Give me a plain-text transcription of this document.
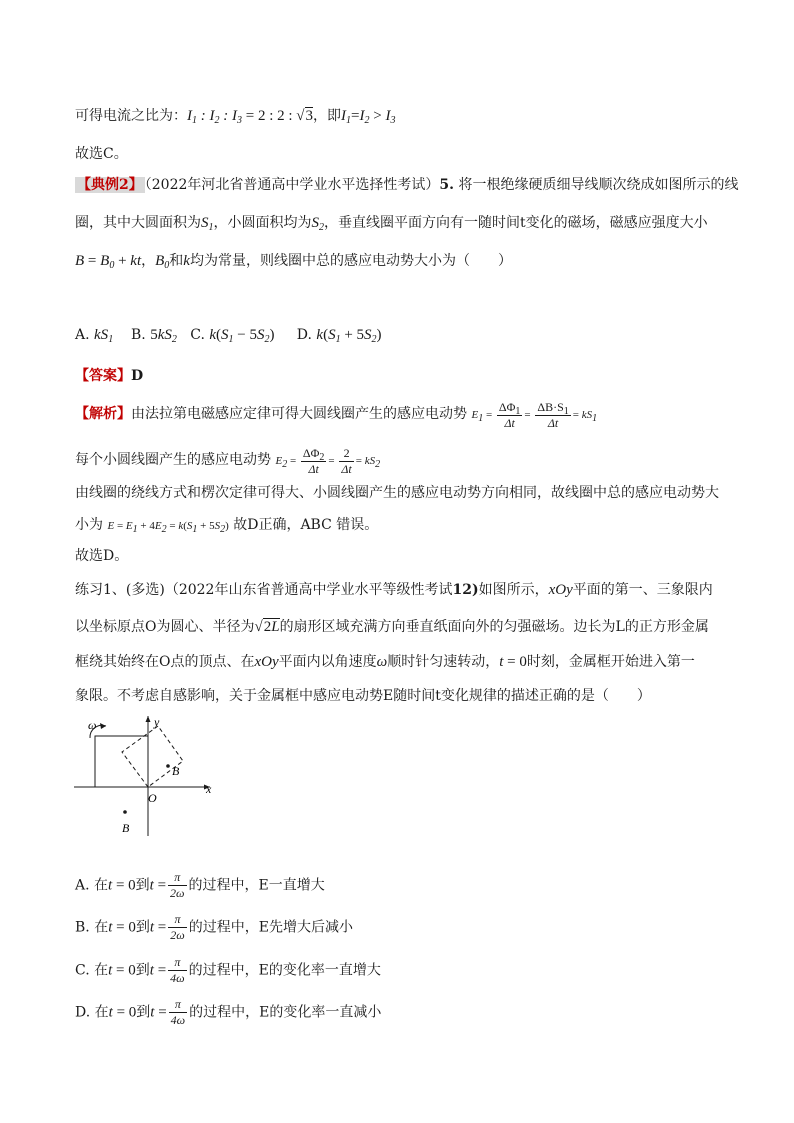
可得电流之比为：$I_1$ : $I_2$ : $I_3 = 2$ : 2 : √3，即$I_1=I_2 > I_3$
故选C。
【典例2】 （2022年河北省普通高中学业水平选择性考试）5. 将一根绝缘硬质细导线顺次绕成如图所示的线
圈，其中大圆面积为$S_1$，小圆面积均为$S_2$，垂直线圈平面方向有一随时间t变化的磁场，磁感应强度大小
$B = B_0$ + kt，$B_0$和k均为常量，则线圈中总的感应电动势大小为（　　）
A. $kS_1$ B. $5kS_2$ C. $k(S_1 - 5S_2)$ D. $k(S_1 + 5S_2)$
【答案】D
【解析】由法拉第电磁感应定律可得大圆线圈产生的感应电动势 $E_1 = \frac{\Delta\Phi_1}{\Delta t} = \frac{\Delta B\cdot S_1}{\Delta t} = kS_1$
每个小圆线圈产生的感应电动势 $E_2 = \frac{\Delta\Phi_2}{\Delta t} = \frac{2}{\Delta t} = kS_2$
由线圈的绕线方式和楞次定律可得大、小圆线圈产生的感应电动势方向相同，故线圈中总的感应电动势大
小为 $E = E_1 + 4E_2 = k(S_1 + 5S_2)$ 故D正确，ABC 错误。
故选D。
练习1、(多选)（2022年山东省普通高中学业水平等级性考试12)如图所示，xOy平面的第一、三象限内
以坐标原点O为圆心、半径为√2L的扇形区域充满方向垂直纸面向外的匀强磁场。边长为L的正方形金属
框绕其始终在O点的顶点、在xOy平面内以角速度ω顺时针匀速转动，t = 0时刻，金属框开始进入第一
象限。不考虑自感影响，关于金属框中感应电动势E随时间t变化规律的描述正确的是（　　）
ω	y
x
O
B
B
A. 在t = 0到$t = \frac{\pi}{2\omega}$ 的过程中，E一直增大
B. 在t = 0到$t = \frac{\pi}{2\omega}$ 的过程中，E先增大后减小
C. 在t = 0到$t = \frac{\pi}{4\omega}$ 的过程中，E的变化率一直增大
D. 在t = 0到$t = \frac{\pi}{4\omega}$ 的过程中，E的变化率一直减小
